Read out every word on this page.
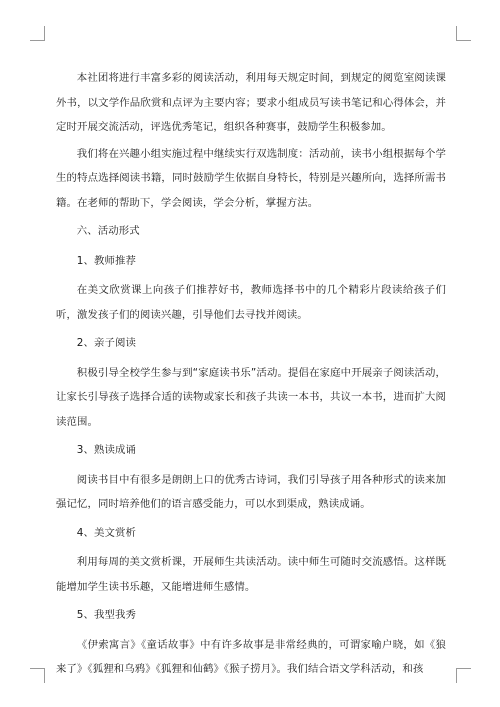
本社团将进行丰富多彩的阅读活动，利用每天规定时间，到规定的阅览室阅读课外书，以文学作品欣赏和点评为主要内容；要求小组成员写读书笔记和心得体会，并定时开展交流活动，评选优秀笔记，组织各种赛事，鼓励学生积极参加。

我们将在兴趣小组实施过程中继续实行双选制度：活动前，读书小组根据每个学生的特点选择阅读书籍，同时鼓励学生依据自身特长，特别是兴趣所向，选择所需书籍。在老师的帮助下，学会阅读，学会分析，掌握方法。

六、活动形式

1、教师推荐

在美文欣赏课上向孩子们推荐好书，教师选择书中的几个精彩片段读给孩子们听，激发孩子们的阅读兴趣，引导他们去寻找并阅读。

2、亲子阅读

积极引导全校学生参与到“家庭读书乐”活动。提倡在家庭中开展亲子阅读活动，让家长引导孩子选择合适的读物或家长和孩子共读一本书，共议一本书，进而扩大阅读范围。

3、熟读成诵

阅读书目中有很多是朗朗上口的优秀古诗词，我们引导孩子用各种形式的读来加强记忆，同时培养他们的语言感受能力，可以水到渠成，熟读成诵。

4、美文赏析

利用每周的美文赏析课，开展师生共读活动。读中师生可随时交流感悟。这样既能增加学生读书乐趣，又能增进师生感情。

5、我型我秀

《伊索寓言》《童话故事》中有许多故事是非常经典的，可谓家喻户晓，如《狼来了》《狐狸和乌鸦》《狐狸和仙鹤》《猴子捞月》。我们结合语文学科活动，和孩
